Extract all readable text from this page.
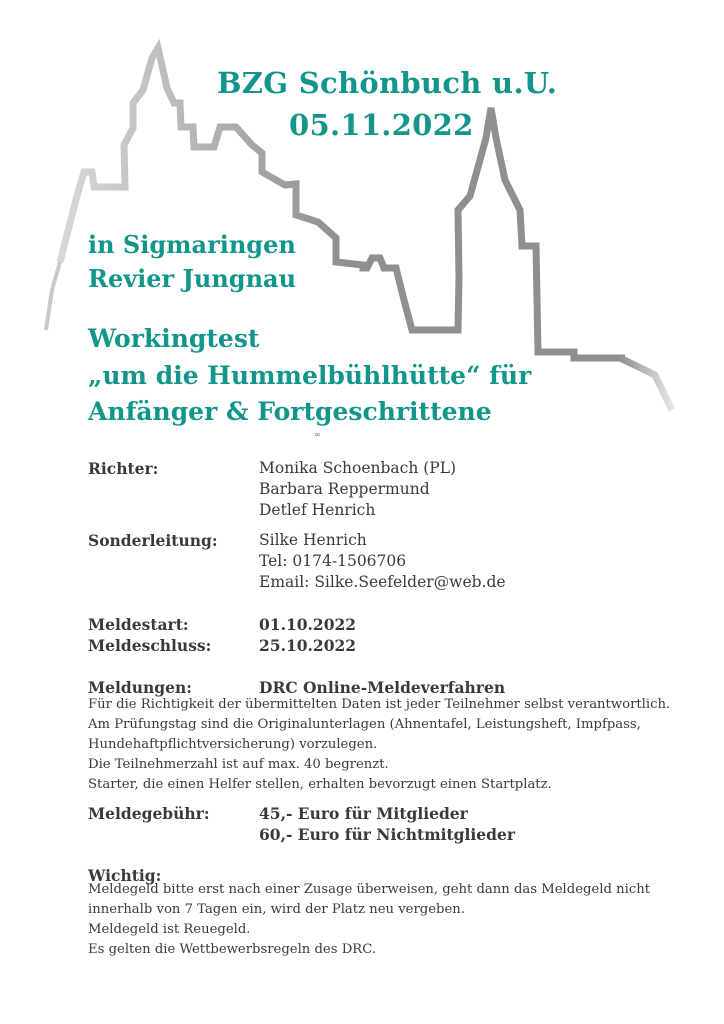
BZG Schönbuch u.U.
05.11.2022
in Sigmaringen
Revier Jungnau
Workingtest
„um die Hummelbühlhütte“ für
Anfänger & Fortgeschrittene
∞
Richter:	Monika Schoenbach (PL)
Barbara Reppermund
Detlef Henrich
Sonderleitung:	Silke Henrich
Tel: 0174-1506706
Email: Silke.Seefelder@web.de
Meldestart:	01.10.2022
Meldeschluss:	25.10.2022
Meldungen:	DRC Online-Meldeverfahren
Für die Richtigkeit der übermittelten Daten ist jeder Teilnehmer selbst verantwortlich.
Am Prüfungstag sind die Originalunterlagen (Ahnentafel, Leistungsheft, Impfpass,
Hundehaftpflichtversicherung) vorzulegen.
Die Teilnehmerzahl ist auf max. 40 begrenzt.
Starter, die einen Helfer stellen, erhalten bevorzugt einen Startplatz.
Meldegebühr:	45,- Euro für Mitglieder
60,- Euro für Nichtmitglieder
Wichtig:
Meldegeld bitte erst nach einer Zusage überweisen, geht dann das Meldegeld nicht
innerhalb von 7 Tagen ein, wird der Platz neu vergeben.
Meldegeld ist Reuegeld.
Es gelten die Wettbewerbsregeln des DRC.
